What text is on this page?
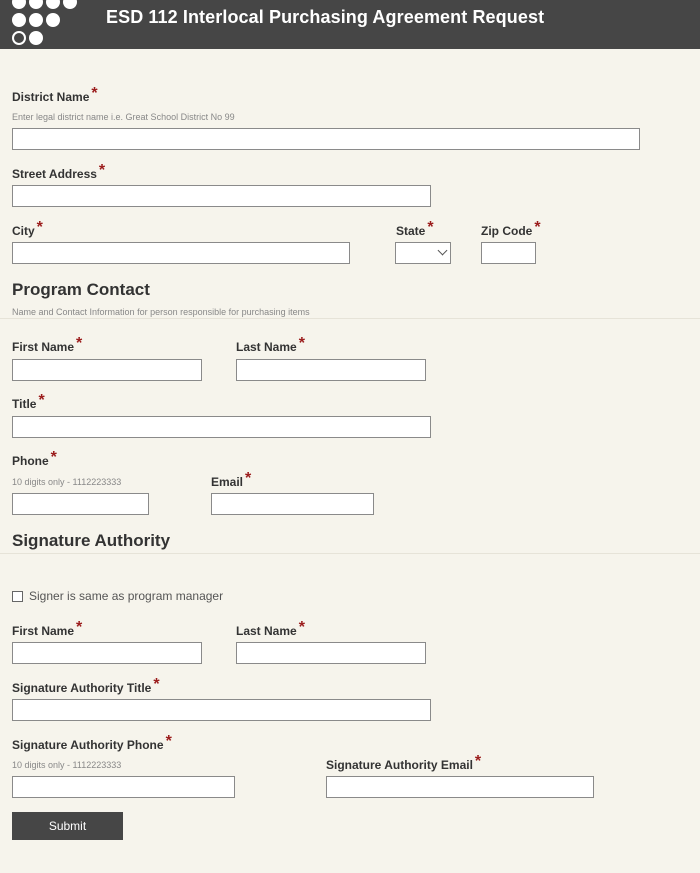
ESD 112 Interlocal Purchasing Agreement Request
District Name *
Enter legal district name i.e. Great School District No 99
Street Address *
City *	State *	Zip Code *
Program Contact
Name and Contact Information for person responsible for purchasing items
First Name *	Last Name *
Title *
Phone *
10 digits only - 1112223333	Email *
Signature Authority
Signer is same as program manager
First Name *	Last Name *
Signature Authority Title *
Signature Authority Phone *
10 digits only - 1112223333	Signature Authority Email *
Submit
